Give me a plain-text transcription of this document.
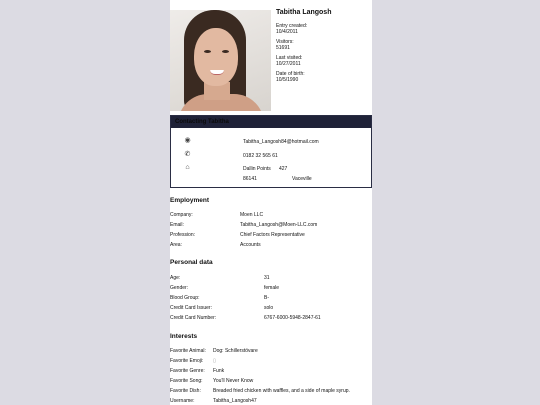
Tabitha Langosh
Entry created:
10/4/2011
Visitors:
51691
Last visited:
10/27/2011
Date of birth:
10/5/1990
Contacting Tabitha
◉	Tabitha_Langosh84@hotmail.com
✆	0182 32 565 61
⌂	Dallin Points 427
86141	Vaceville
Employment
Company:	Moen LLC
Email:	Tabitha_Langosh@Moen-LLC.com
Profession:	Chief Factors Representative
Area:	Accounts
Personal data
Age:	31
Gender:	female
Blood Group:	B-
Credit Card Issuer:	solo
Credit Card Number:	6767-6000-5948-2847-61
Interests
Favorite Animal: Dog: Schillerstövare
Favorite Emoji: ▯
Favorite Genre: Funk
Favorite Song: You'll Never Know
Favorite Dish: Breaded fried chicken with waffles, and a side of maple syrup.
Username:	Tabitha_Langosh47
